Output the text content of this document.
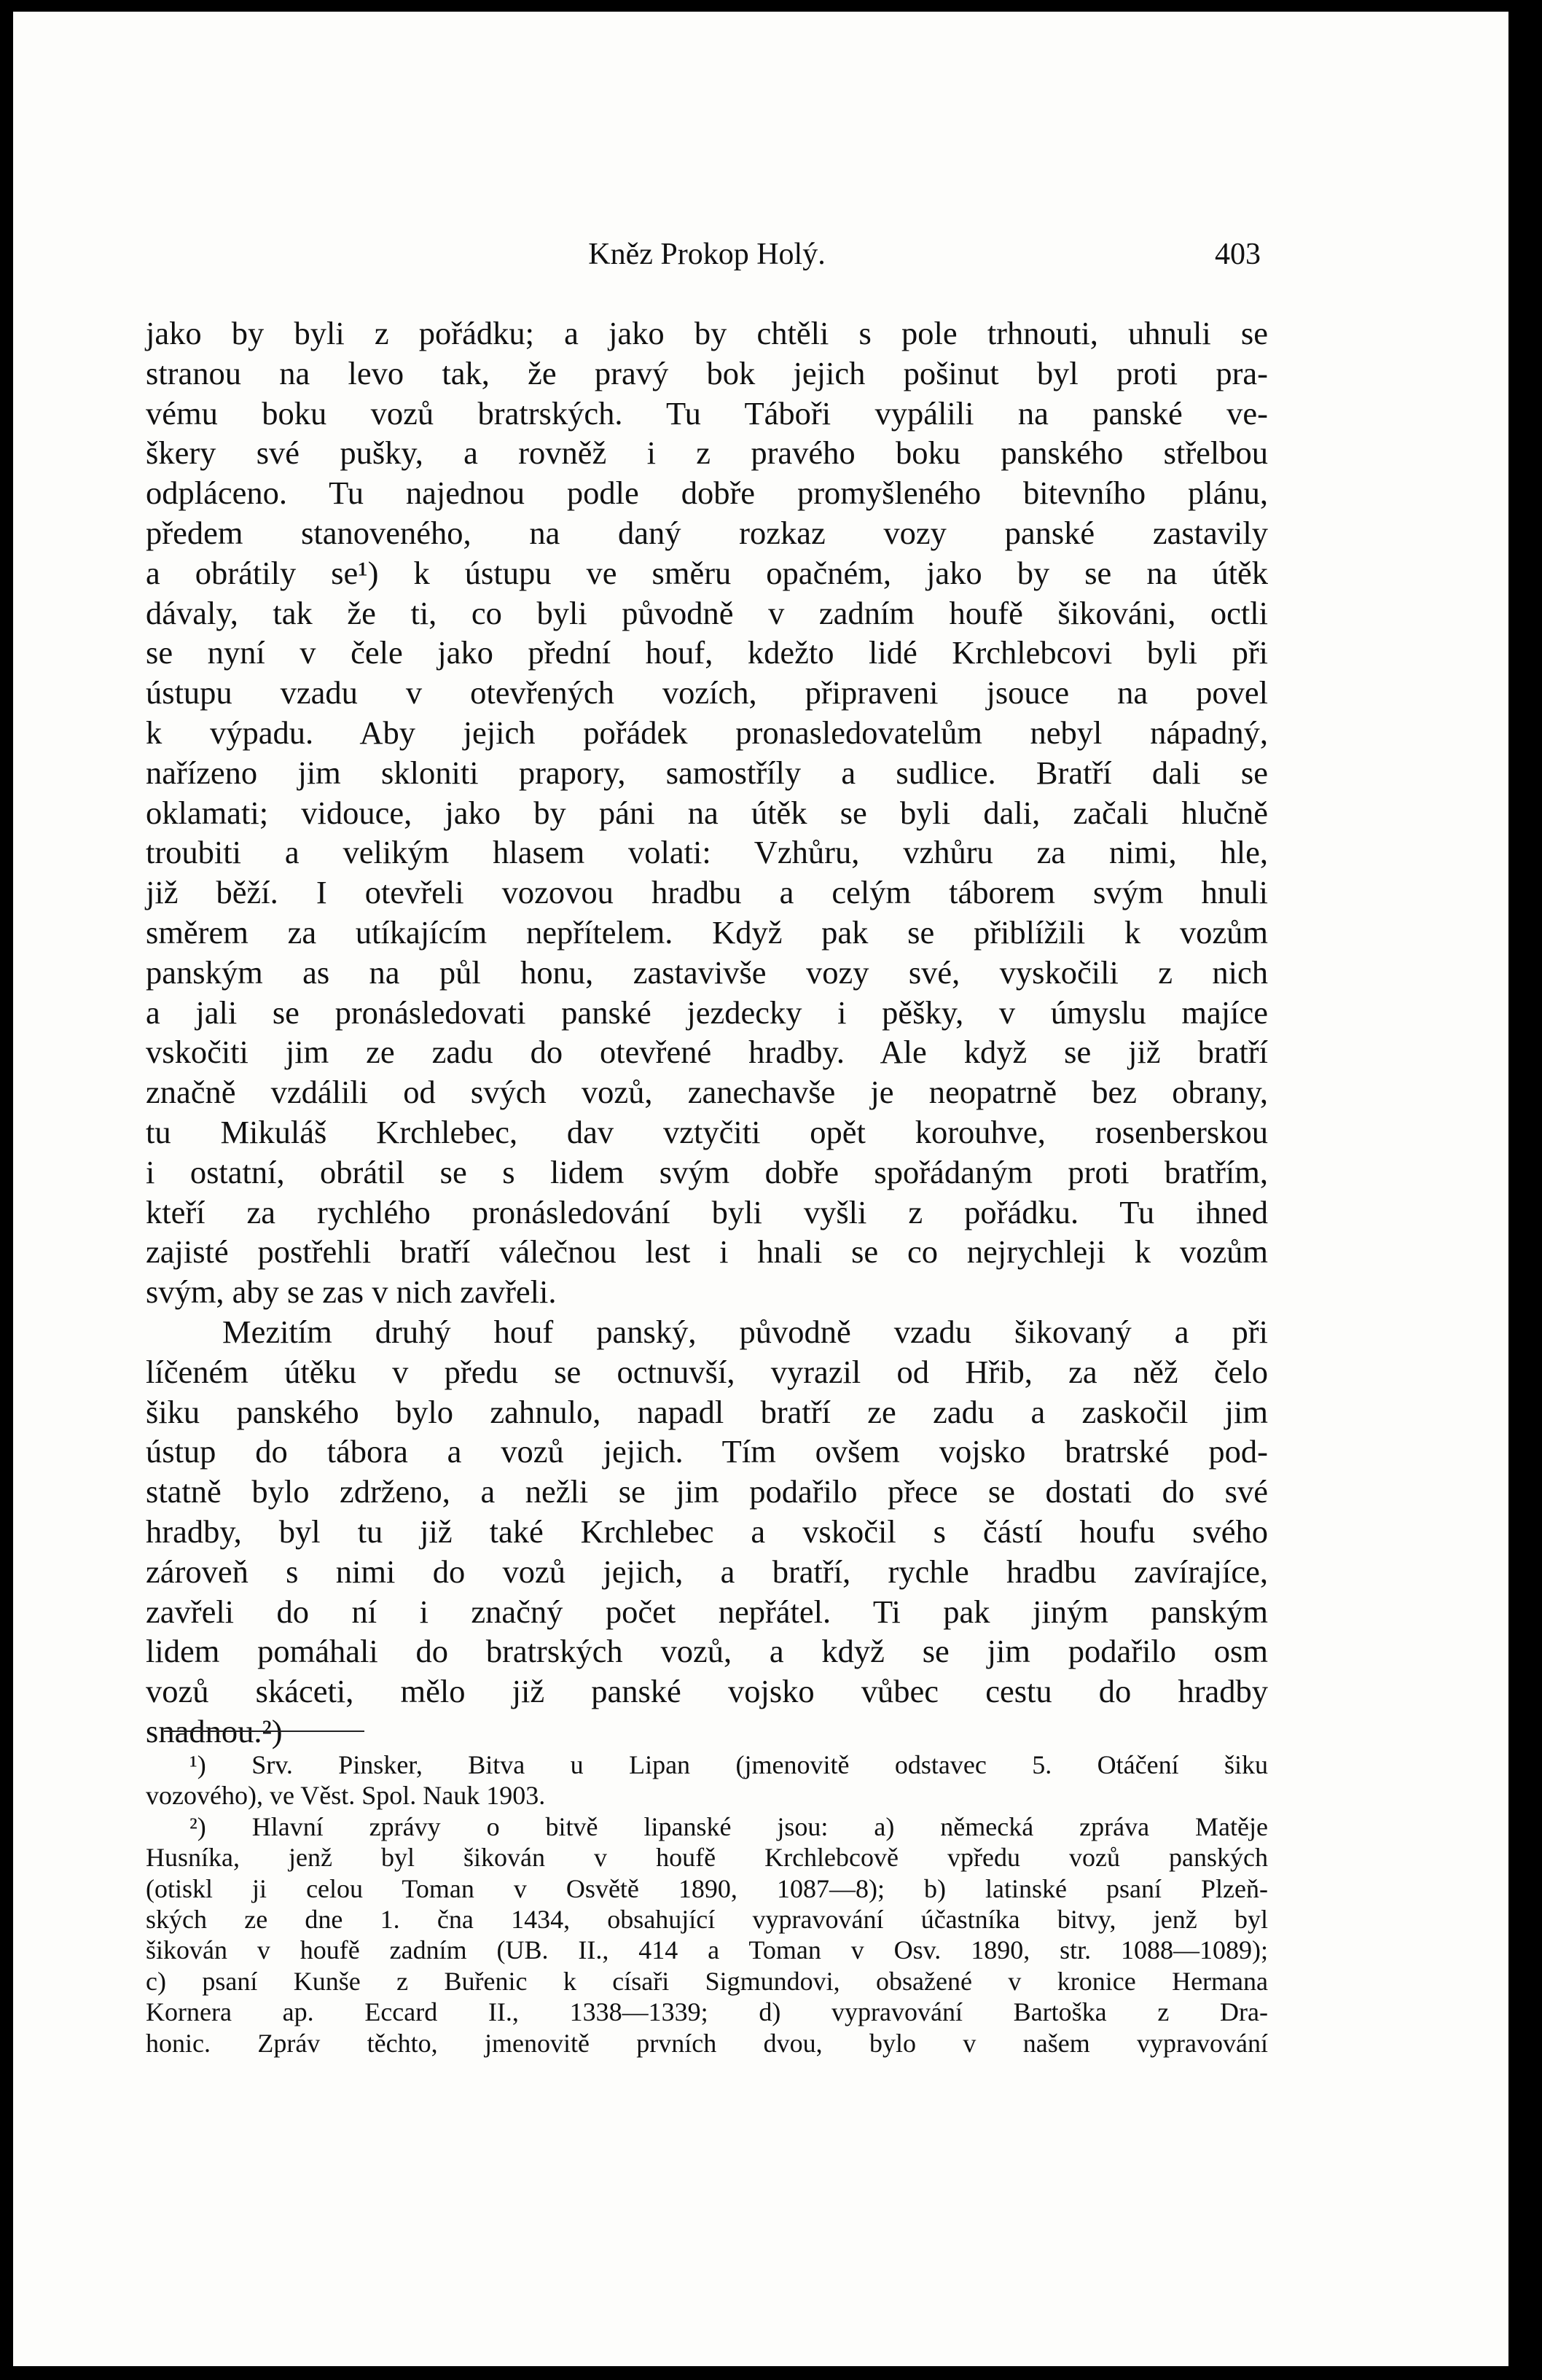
Kněz Prokop Holý.	403
jako by byli z pořádku; a jako by chtěli s pole trhnouti, uhnuli se
stranou na levo tak, že pravý bok jejich pošinut byl proti pra-
vému boku vozů bratrských. Tu Tábořі vypálili na panské ve-
škery své pušky, a rovněž i z pravého boku panského střelbou
odpláceno. Tu najednou podle dobře promyšleného bitevního plánu,
předem stanoveného, na daný rozkaz vozy panské zastavily
a obrátily se¹) k ústupu ve směru opačném, jako by se na útěk
dávaly, tak že ti, co byli původně v zadním houfě šikováni, octli
se nyní v čele jako přední houf, kdežto lidé Krchlebcovi byli při
ústupu vzadu v otevřených vozích, připraveni jsouce na povel
k výpadu. Aby jejich pořádek pronasledovatelům nebyl nápadný,
nařízeno jim skloniti prapory, samostříly a sudlice. Bratří dali se
oklamati; vidouce, jako by páni na útěk se byli dali, začali hlučně
troubiti a velikým hlasem volati: Vzhůru, vzhůru za nimi, hle,
již běží. I otevřeli vozovou hradbu a celým táborem svým hnuli
směrem za utíkajícím nepřítelem. Když pak se přiblížili k vozům
panským as na půl honu, zastavivše vozy své, vyskočili z nich
a jali se pronásledovati panské jezdecky i pěšky, v úmyslu majíce
vskočiti jim ze zadu do otevřené hradby. Ale když se již bratří
značně vzdálili od svých vozů, zanechavše je neopatrně bez obrany,
tu Mikuláš Krchlebec, dav vztyčiti opět korouhve, rosenberskou
i ostatní, obrátil se s lidem svým dobře spořádaným proti bratřím,
kteří za rychlého pronásledování byli vyšli z pořádku. Tu ihned
zajisté postřehli bratří válečnou lest i hnali se co nejrychleji k vozům
svým, aby se zas v nich zavřeli.
Mezitím druhý houf panský, původně vzadu šikovaný a při
líčeném útěku v předu se octnuvší, vyrazil od Hřib, za něž čelo
šiku panského bylo zahnulo, napadl bratří ze zadu a zaskočil jim
ústup do tábora a vozů jejich. Tím ovšem vojsko bratrské pod-
statně bylo zdrženo, a nežli se jim podařilo přece se dostati do své
hradby, byl tu již také Krchlebec a vskočil s částí houfu svého
zároveň s nimi do vozů jejich, a bratří, rychle hradbu zavírajíce,
zavřeli do ní i značný počet nepřátel. Ti pak jiným panským
lidem pomáhali do bratrských vozů, a když se jim podařilo osm
vozů skáceti, mělo již panské vojsko vůbec cestu do hradby
snadnou.²)
¹) Srv. Pinsker, Bitva u Lipan (jmenovitě odstavec 5. Otáčení šiku
vozového), ve Věst. Spol. Nauk 1903.
²) Hlavní zprávy o bitvě lipanské jsou: a) německá zpráva Matěje
Husníka, jenž byl šikován v houfě Krchlebcově vpředu vozů panských
(otiskl ji celou Toman v Osvětě 1890, 1087—8); b) latinské psaní Plzeň-
ských ze dne 1. čna 1434, obsahující vypravování účastníka bitvy, jenž byl
šikován v houfě zadním (UB. II., 414 a Toman v Osv. 1890, str. 1088—1089);
c) psaní Kunše z Buřenic k císaři Sigmundovi, obsažené v kronice Hermana
Kornera ap. Eccard II., 1338—1339; d) vypravování Bartoška z Dra-
honic. Zpráv těchto, jmenovitě prvních dvou, bylo v našem vypravování
